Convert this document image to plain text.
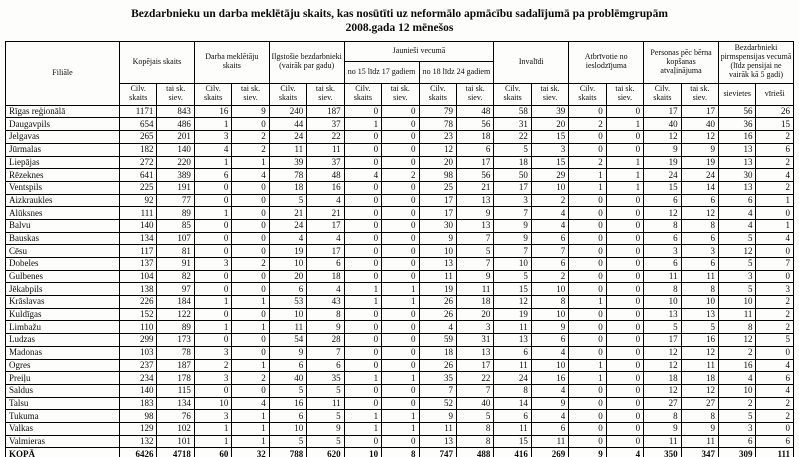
Bezdarbnieku un darba meklētāju skaits, kas nosūtīti uz neformālo apmācību sadalījumā pa problēmgrupām
2008.gada 12 mēnešos
Filiāle	Kopējais skaits		Darba meklētāju skaits		Ilgstošie bezdarbnieki (vairāk par gadu)		Jaunieši vecumā				Invalīdi		Atbrīvotie no ieslodzījuma		Personas pēc bērna kopšanas atvaļinājuma		Bezdarbnieki pirmspensijas vecumā (līdz pensijai ne vairāk kā 5 gadi)	
							no 15 līdz 17 gadiem		no 18 līdz 24 gadiem									
	Cilv. skaits	tai sk. siev.	Cilv. skaits	tai sk. siev.	Cilv. skaits	tai sk. siev.	Cilv. skaits	tai sk. siev.	Cilv. skaits	tai sk. siev.	Cilv. skaits	tai sk. siev.	Cilv. skaits	tai sk. siev.	Cilv. skaits	tai sk. siev.	sievietes	vīrieši
Rīgas reģionālā	1171	843	16	9	240	187	0	0	79	48	58	39	0	0	17	17	56	26
Daugavpils	654	486	1	0	44	37	1	0	78	56	31	20	2	1	40	40	36	15
Jelgavas	265	201	3	2	24	22	0	0	23	18	22	15	0	0	12	12	16	2
Jūrmalas	182	140	4	2	11	11	0	0	12	6	5	3	0	0	9	9	13	6
Liepājas	272	220	1	1	39	37	0	0	20	17	18	15	2	1	19	19	13	2
Rēzeknes	641	389	6	4	78	48	4	2	98	56	50	29	1	1	24	24	30	4
Ventspils	225	191	0	0	18	16	0	0	25	21	17	10	1	1	15	14	13	2
Aizkraukles	92	77	0	0	5	4	0	0	17	13	3	2	0	0	6	6	6	1
Alūksnes	111	89	1	0	21	21	0	0	17	9	7	4	0	0	12	12	4	0
Balvu	140	85	0	0	24	17	0	0	30	13	9	4	0	0	8	8	4	1
Bauskas	134	107	0	0	4	4	0	0	9	7	9	6	0	0	6	6	5	4
Cēsu	117	81	0	0	19	17	0	0	10	5	7	7	0	0	3	3	12	0
Dobeles	137	91	3	2	10	6	0	0	13	7	10	6	0	0	6	6	5	7
Gulbenes	104	82	0	0	20	18	0	0	11	9	5	2	0	0	11	11	3	0
Jēkabpils	138	97	0	0	6	4	1	1	19	11	15	10	0	0	8	8	5	3
Krāslavas	226	184	1	1	53	43	1	1	26	18	12	8	1	0	10	10	10	2
Kuldīgas	152	122	0	0	10	8	0	0	26	20	19	10	0	0	13	13	11	2
Limbažu	110	89	1	1	11	9	0	0	4	3	11	9	0	0	5	5	8	2
Ludzas	299	173	0	0	54	28	0	0	59	31	13	6	0	0	17	16	12	5
Madonas	103	78	3	0	9	7	0	0	18	13	6	4	0	0	12	12	2	0
Ogres	237	187	2	1	6	6	0	0	26	17	11	10	1	0	12	11	16	4
Preiļu	234	178	3	2	40	35	1	1	35	22	24	16	1	0	18	18	4	6
Saldus	140	115	0	0	5	5	0	0	7	7	8	4	0	0	12	12	10	4
Talsu	183	134	10	4	16	11	0	0	52	40	14	9	0	0	27	27	2	2
Tukuma	98	76	3	1	6	5	1	1	9	5	6	4	0	0	8	8	5	2
Valkas	129	102	1	1	10	9	1	1	11	8	11	6	0	0	9	9	3	0
Valmieras	132	101	1	1	5	5	0	0	13	8	15	11	0	0	11	11	6	6
KOPĀ	6426	4718	60	32	788	620	10	8	747	488	416	269	9	4	350	347	309	111
